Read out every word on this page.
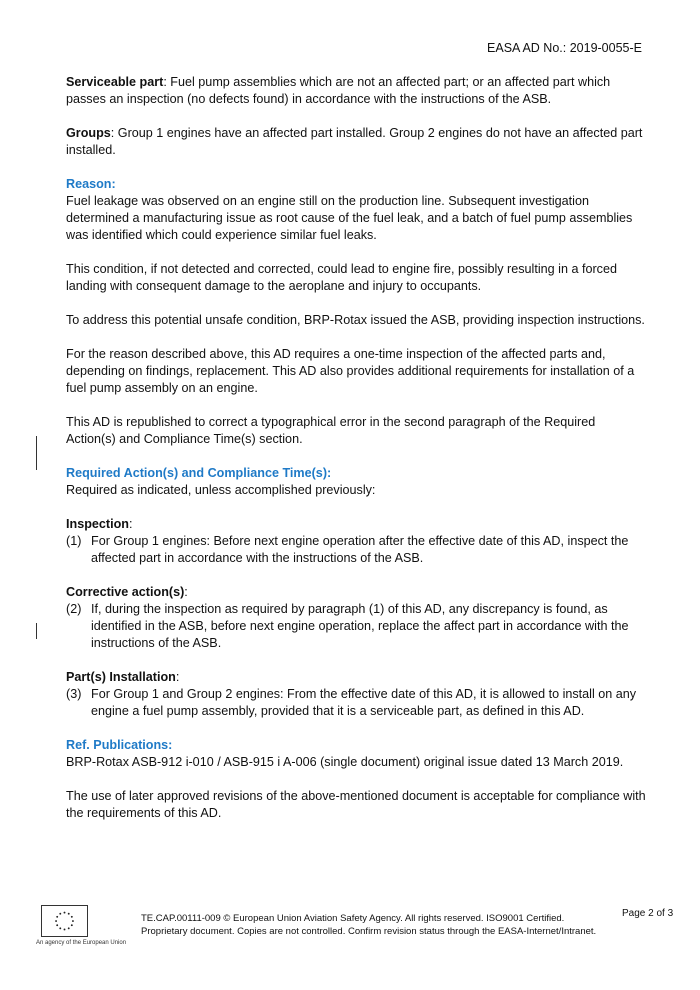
EASA AD No.: 2019-0055-E

Serviceable part: Fuel pump assemblies which are not an affected part; or an affected part which passes an inspection (no defects found) in accordance with the instructions of the ASB.

Groups: Group 1 engines have an affected part installed. Group 2 engines do not have an affected part installed.

Reason:

Fuel leakage was observed on an engine still on the production line. Subsequent investigation determined a manufacturing issue as root cause of the fuel leak, and a batch of fuel pump assemblies was identified which could experience similar fuel leaks.

This condition, if not detected and corrected, could lead to engine fire, possibly resulting in a forced landing with consequent damage to the aeroplane and injury to occupants.

To address this potential unsafe condition, BRP-Rotax issued the ASB, providing inspection instructions.

For the reason described above, this AD requires a one-time inspection of the affected parts and, depending on findings, replacement. This AD also provides additional requirements for installation of a fuel pump assembly on an engine.

This AD is republished to correct a typographical error in the second paragraph of the Required Action(s) and Compliance Time(s) section.

Required Action(s) and Compliance Time(s):

Required as indicated, unless accomplished previously:

Inspection:

(1) For Group 1 engines: Before next engine operation after the effective date of this AD, inspect the affected part in accordance with the instructions of the ASB.

Corrective action(s):

(2) If, during the inspection as required by paragraph (1) of this AD, any discrepancy is found, as identified in the ASB, before next engine operation, replace the affect part in accordance with the instructions of the ASB.

Part(s) Installation:

(3) For Group 1 and Group 2 engines: From the effective date of this AD, it is allowed to install on any engine a fuel pump assembly, provided that it is a serviceable part, as defined in this AD.

Ref. Publications:

BRP-Rotax ASB-912 i-010 / ASB-915 i A-006 (single document) original issue dated 13 March 2019.

The use of later approved revisions of the above-mentioned document is acceptable for compliance with the requirements of this AD.

An agency of the European Union
TE.CAP.00111-009 © European Union Aviation Safety Agency. All rights reserved. ISO9001 Certified.
Proprietary document. Copies are not controlled. Confirm revision status through the EASA-Internet/Intranet.
Page 2 of 3
